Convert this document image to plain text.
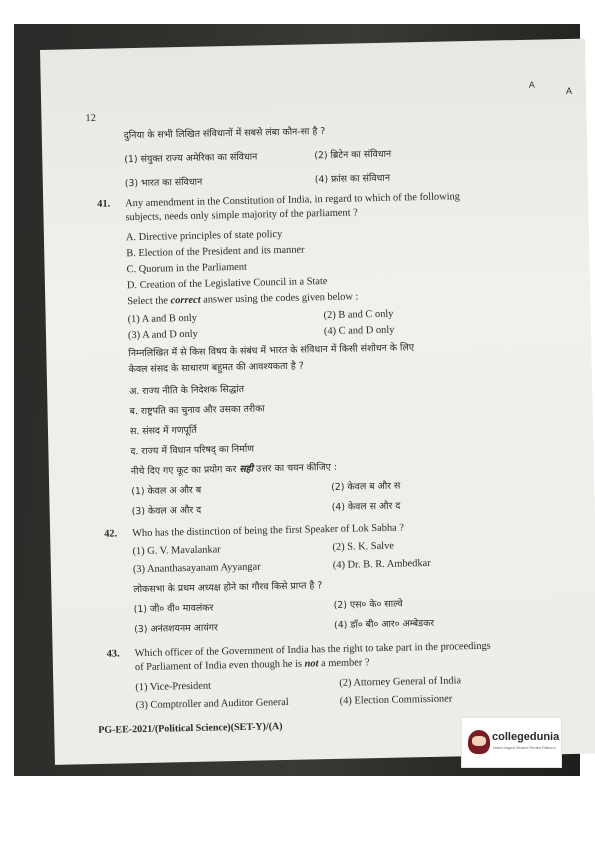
12
A
दुनिया के सभी लिखित संविधानों में सबसे लंबा कौन-सा है ?
(1) संयुक्त राज्य अमेरिका का संविधान	(2) ब्रिटेन का संविधान
(3) भारत का संविधान	(4) फ्रांस का संविधान
41. Any amendment in the Constitution of India, in regard to which of the following
subjects, needs only simple majority of the parliament ?
A. Directive principles of state policy
B. Election of the President and its manner
C. Quorum in the Parliament
D. Creation of the Legislative Council in a State
Select the correct answer using the codes given below :
(1) A and B only	(2) B and C only
(3) A and D only	(4) C and D only
निम्नलिखित में से किस विषय के संबंध में भारत के संविधान में किसी संशोधन के लिए
केवल संसद के साधारण बहुमत की आवश्यकता है ?
अ. राज्य नीति के निदेशक सिद्धांत
ब. राष्ट्रपति का चुनाव और उसका तरीका
स. संसद में गणपूर्ति
द. राज्य में विधान परिषद् का निर्माण
नीचे दिए गए कूट का प्रयोग कर सही उत्तर का चयन कीजिए :
(1) केवल अ और ब	(2) केवल ब और स
(3) केवल अ और द	(4) केवल स और द
42. Who has the distinction of being the first Speaker of Lok Sabha ?
(1) G. V. Mavalankar	(2) S. K. Salve
(3) Ananthasayanam Ayyangar	(4) Dr. B. R. Ambedkar
लोकसभा के प्रथम अध्यक्ष होने का गौरव किसे प्राप्त है ?
(1) जी० वी० मावलंकर	(2) एस० के० साल्वे
(3) अनंतशयनम आयंगर	(4) डॉ० बी० आर० अम्बेडकर
43. Which officer of the Government of India has the right to take part in the proceedings
of Parliament of India even though he is not a member ?
(1) Vice-President	(2) Attorney General of India
(3) Comptroller and Auditor General	(4) Election Commissioner
PG-EE-2021/(Political Science)(SET-Y)/(A)
A
collegedunia
India's largest Student Review Platform
